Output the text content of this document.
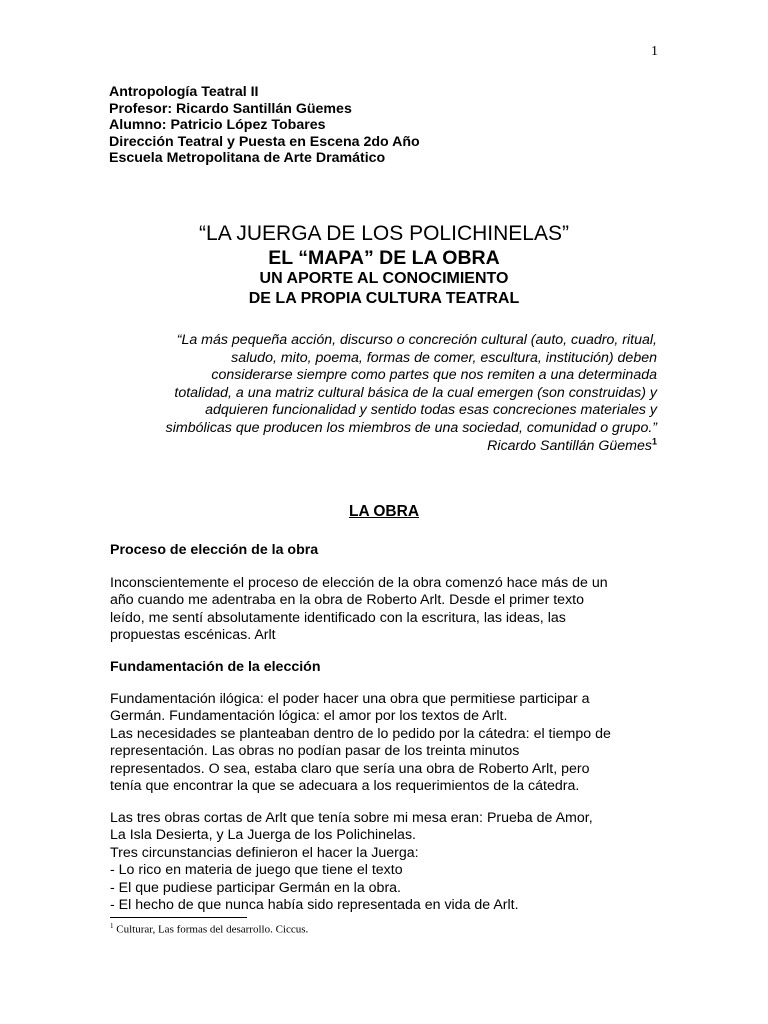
1
Antropología Teatral II
Profesor: Ricardo Santillán Güemes
Alumno: Patricio López Tobares
Dirección Teatral y Puesta en Escena 2do Año
Escuela Metropolitana de Arte Dramático
“LA JUERGA DE LOS POLICHINELAS”
EL “MAPA” DE LA OBRA
UN APORTE AL CONOCIMIENTO
DE LA PROPIA CULTURA TEATRAL
“La más pequeña acción, discurso o concreción cultural (auto, cuadro, ritual,
saludo, mito, poema, formas de comer, escultura, institución) deben
considerarse siempre como partes que nos remiten a una determinada
totalidad, a una matriz cultural básica de la cual emergen (son construidas) y
adquieren funcionalidad y sentido todas esas concreciones materiales y
simbólicas que producen los miembros de una sociedad, comunidad o grupo.”
Ricardo Santillán Güemes$^1$
LA OBRA
Proceso de elección de la obra
Inconscientemente el proceso de elección de la obra comenzó hace más de un
año cuando me adentraba en la obra de Roberto Arlt. Desde el primer texto
leído, me sentí absolutamente identificado con la escritura, las ideas, las
propuestas escénicas. Arlt
Fundamentación de la elección
Fundamentación ilógica: el poder hacer una obra que permitiese participar a
Germán. Fundamentación lógica: el amor por los textos de Arlt.
Las necesidades se planteaban dentro de lo pedido por la cátedra: el tiempo de
representación. Las obras no podían pasar de los treinta minutos
representados. O sea, estaba claro que sería una obra de Roberto Arlt, pero
tenía que encontrar la que se adecuara a los requerimientos de la cátedra.
Las tres obras cortas de Arlt que tenía sobre mi mesa eran: Prueba de Amor,
La Isla Desierta, y La Juerga de los Polichinelas.
Tres circunstancias definieron el hacer la Juerga:
- Lo rico en materia de juego que tiene el texto
- El que pudiese participar Germán en la obra.
- El hecho de que nunca había sido representada en vida de Arlt.
$^1$ Culturar, Las formas del desarrollo. Ciccus.
